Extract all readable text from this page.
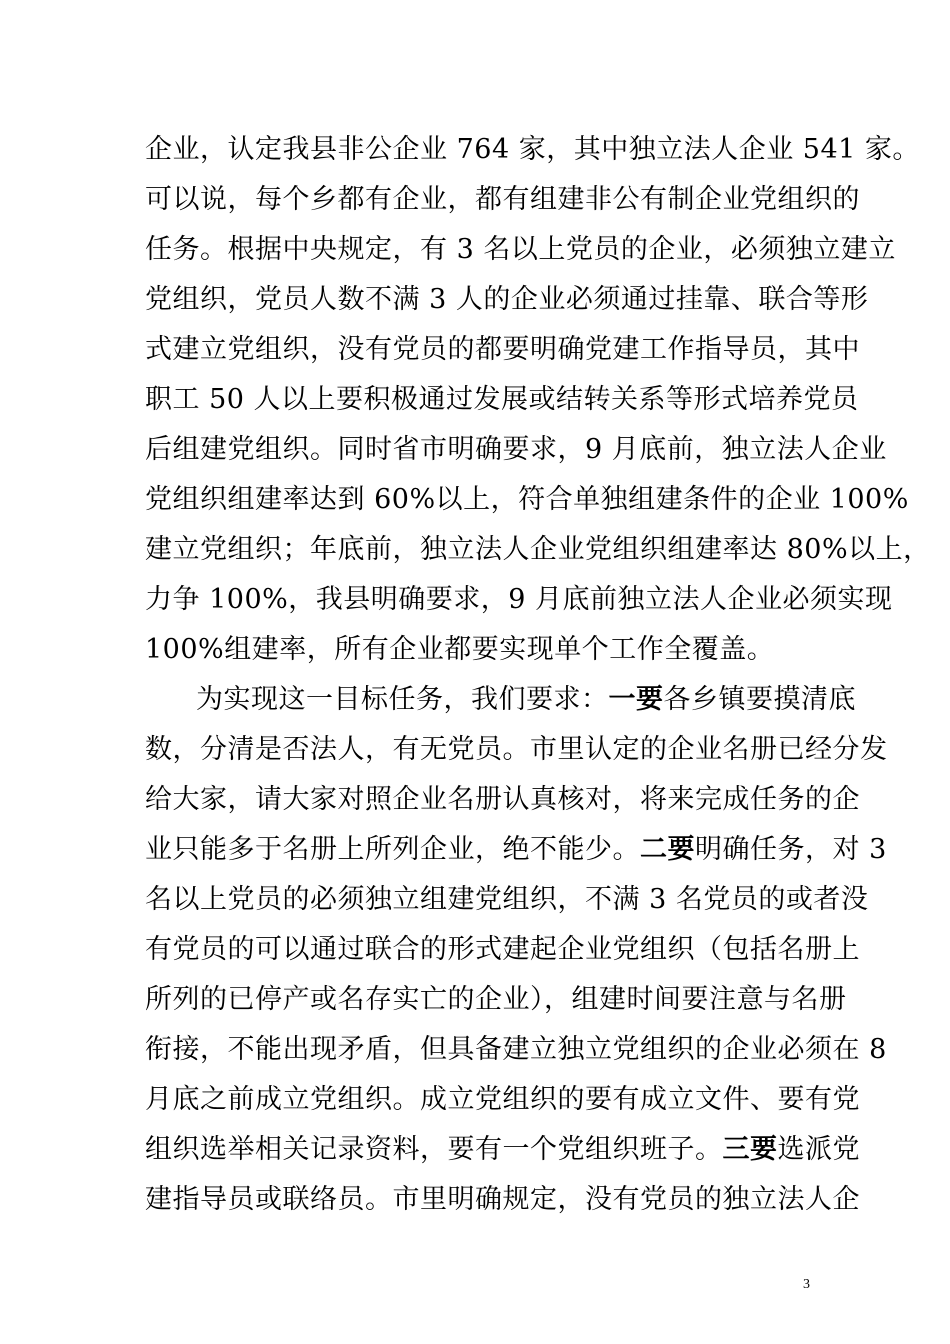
企业，认定我县非公企业 764 家，其中独立法人企业 541 家。
可以说，每个乡都有企业，都有组建非公有制企业党组织的
任务。根据中央规定，有 3 名以上党员的企业，必须独立建立
党组织，党员人数不满 3 人的企业必须通过挂靠、联合等形
式建立党组织，没有党员的都要明确党建工作指导员，其中
职工 50 人以上要积极通过发展或结转关系等形式培养党员
后组建党组织。同时省市明确要求，9 月底前，独立法人企业
党组织组建率达到 60%以上，符合单独组建条件的企业 100%
建立党组织；年底前，独立法人企业党组织组建率达 80%以上，
力争 100%，我县明确要求，9 月底前独立法人企业必须实现
100%组建率，所有企业都要实现单个工作全覆盖。
为实现这一目标任务，我们要求：一要各乡镇要摸清底
数，分清是否法人，有无党员。市里认定的企业名册已经分发
给大家，请大家对照企业名册认真核对，将来完成任务的企
业只能多于名册上所列企业，绝不能少。二要明确任务，对 3
名以上党员的必须独立组建党组织，不满 3 名党员的或者没
有党员的可以通过联合的形式建起企业党组织（包括名册上
所列的已停产或名存实亡的企业），组建时间要注意与名册
衔接，不能出现矛盾，但具备建立独立党组织的企业必须在 8
月底之前成立党组织。成立党组织的要有成立文件、要有党
组织选举相关记录资料，要有一个党组织班子。三要选派党
建指导员或联络员。市里明确规定，没有党员的独立法人企
3
